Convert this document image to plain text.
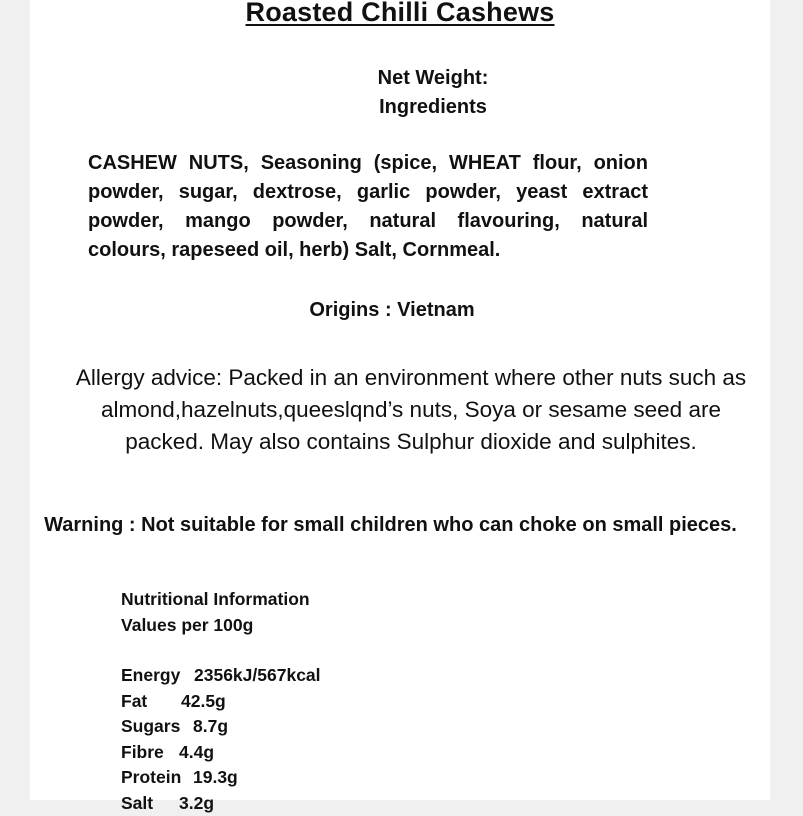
Roasted Chilli Cashews
Net Weight:
Ingredients
CASHEW NUTS, Seasoning (spice, WHEAT flour, onion powder, sugar, dextrose, garlic powder, yeast extract powder, mango powder, natural flavouring, natural colours, rapeseed oil, herb) Salt, Cornmeal.
Origins : Vietnam
Allergy advice: Packed in an environment where other nuts such as almond,hazelnuts,queeslqnd’s nuts, Soya or sesame seed are packed. May also contains Sulphur dioxide and sulphites.
Warning : Not suitable for small children who can choke on small pieces.
Nutritional Information
Values per 100g
Energy 2356kJ/567kcal
Fat	42.5g
Sugars 8.7g
Fibre 4.4g
Protein 19.3g
Salt	3.2g
